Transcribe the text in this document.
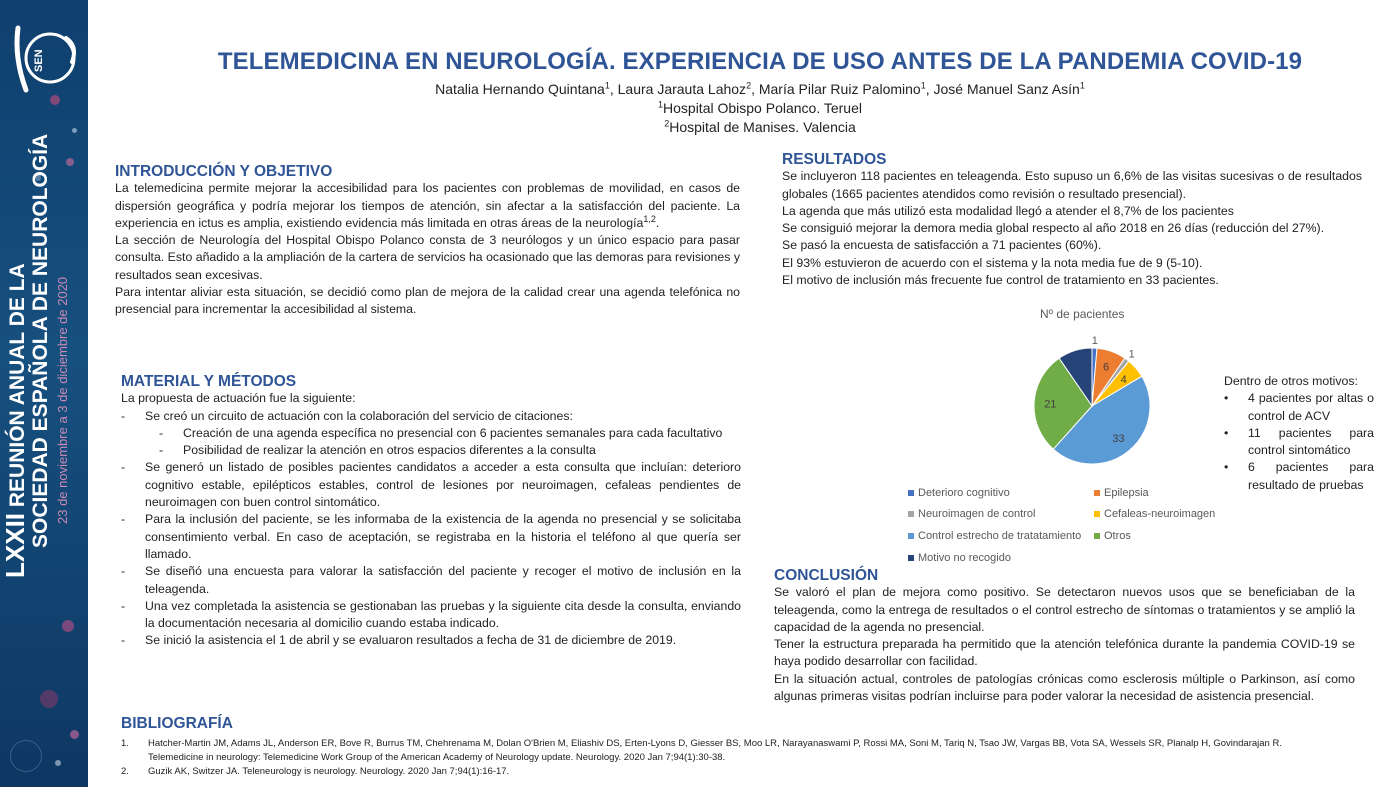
SEN
LXXII REUNIÓN ANUAL DE LA SOCIEDAD ESPAÑOLA DE NEUROLOGÍA 23 de noviembre a 3 de diciembre de 2020
TELEMEDICINA EN NEUROLOGÍA. EXPERIENCIA DE USO ANTES DE LA PANDEMIA COVID-19
Natalia Hernando Quintana$^1$, Laura Jarauta Lahoz$^2$, María Pilar Ruiz Palomino$^1$, José Manuel Sanz Asín$^1$
$^1$Hospital Obispo Polanco. Teruel
$^2$Hospital de Manises. Valencia
INTRODUCCIÓN Y OBJETIVO

La telemedicina permite mejorar la accesibilidad para los pacientes con problemas de movilidad, en casos de dispersión geográfica y podría mejorar los tiempos de atención, sin afectar a la satisfacción del paciente. La experiencia en ictus es amplia, existiendo evidencia más limitada en otras áreas de la neurología$^{1,2}$.

La sección de Neurología del Hospital Obispo Polanco consta de 3 neurólogos y un único espacio para pasar consulta. Esto añadido a la ampliación de la cartera de servicios ha ocasionado que las demoras para revisiones y resultados sean excesivas.

Para intentar aliviar esta situación, se decidió como plan de mejora de la calidad crear una agenda telefónica no presencial para incrementar la accesibilidad al sistema.

MATERIAL Y MÉTODOS

La propuesta de actuación fue la siguiente:

- Se creó un circuito de actuación con la colaboración del servicio de citaciones:
- Creación de una agenda específica no presencial con 6 pacientes semanales para cada facultativo
- Posibilidad de realizar la atención en otros espacios diferentes a la consulta
- Se generó un listado de posibles pacientes candidatos a acceder a esta consulta que incluían: deterioro cognitivo estable, epilépticos estables, control de lesiones por neuroimagen, cefaleas pendientes de neuroimagen con buen control sintomático.
- Para la inclusión del paciente, se les informaba de la existencia de la agenda no presencial y se solicitaba consentimiento verbal. En caso de aceptación, se registraba en la historia el teléfono al que quería ser llamado.
- Se diseñó una encuesta para valorar la satisfacción del paciente y recoger el motivo de inclusión en la teleagenda.
- Una vez completada la asistencia se gestionaban las pruebas y la siguiente cita desde la consulta, enviando la documentación necesaria al domicilio cuando estaba indicado.
- Se inició la asistencia el 1 de abril y se evaluaron resultados a fecha de 31 de diciembre de 2019.
BIBLIOGRAFÍA
1. Hatcher-Martin JM, Adams JL, Anderson ER, Bove R, Burrus TM, Chehrenama M, Dolan O'Brien M, Eliashiv DS, Erten-Lyons D, Giesser BS, Moo LR, Narayanaswami P, Rossi MA, Soni M, Tariq N, Tsao JW, Vargas BB, Vota SA, Wessels SR, Planalp H, Govindarajan R. Telemedicine in neurology: Telemedicine Work Group of the American Academy of Neurology update. Neurology. 2020 Jan 7;94(1):30-38.
2. Guzik AK, Switzer JA. Teleneurology is neurology. Neurology. 2020 Jan 7;94(1):16-17.
RESULTADOS

Se incluyeron 118 pacientes en teleagenda. Esto supuso un 6,6% de las visitas sucesivas o de resultados globales (1665 pacientes atendidos como revisión o resultado presencial).

La agenda que más utilizó esta modalidad llegó a atender el 8,7% de los pacientes

Se consiguió mejorar la demora media global respecto al año 2018 en 26 días (reducción del 27%).

Se pasó la encuesta de satisfacción a 71 pacientes (60%).

El 93% estuvieron de acuerdo con el sistema y la nota media fue de 9 (5-10).

El motivo de inclusión más frecuente fue control de tratamiento en 33 pacientes.

Nº de pacientes
1
6
1
4
33
21
Deterioro cognitivo	Epilepsia
Neuroimagen de control	Cefaleas-neuroimagen
Control estrecho de tratatamiento	Otros
Motivo no recogido
Dentro de otros motivos:
• 4 pacientes por altas o control de ACV
• 11 pacientes para control sintomático
• 6 pacientes para resultado de pruebas
CONCLUSIÓN

Se valoró el plan de mejora como positivo. Se detectaron nuevos usos que se beneficiaban de la teleagenda, como la entrega de resultados o el control estrecho de síntomas o tratamientos y se amplió la capacidad de la agenda no presencial.

Tener la estructura preparada ha permitido que la atención telefónica durante la pandemia COVID-19 se haya podido desarrollar con facilidad.

En la situación actual, controles de patologías crónicas como esclerosis múltiple o Parkinson, así como algunas primeras visitas podrían incluirse para poder valorar la necesidad de asistencia presencial.
